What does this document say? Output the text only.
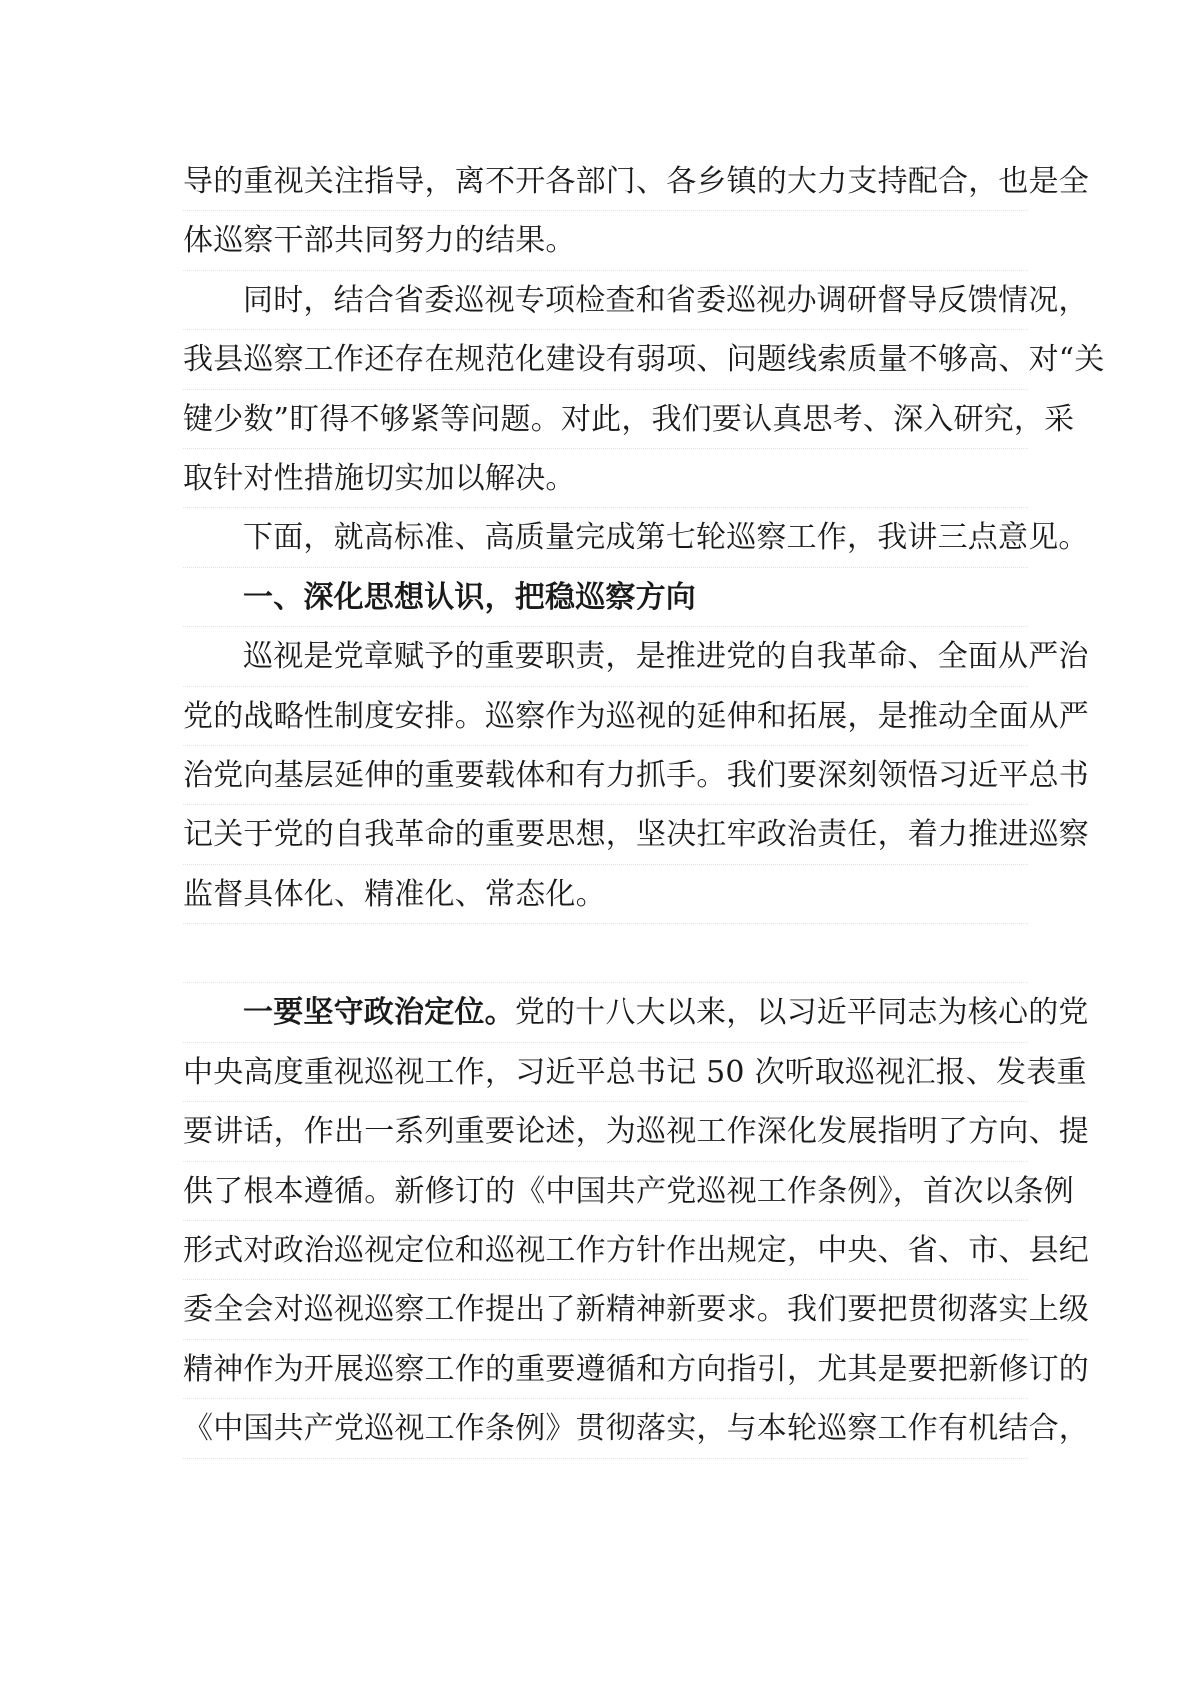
导的重视关注指导，离不开各部门、各乡镇的大力支持配合，也是全
体巡察干部共同努力的结果。
同时，结合省委巡视专项检查和省委巡视办调研督导反馈情况，
我县巡察工作还存在规范化建设有弱项、问题线索质量不够高、对“关
键少数”盯得不够紧等问题。对此，我们要认真思考、深入研究，采
取针对性措施切实加以解决。
下面，就高标准、高质量完成第七轮巡察工作，我讲三点意见。
一、深化思想认识，把稳巡察方向
巡视是党章赋予的重要职责，是推进党的自我革命、全面从严治
党的战略性制度安排。巡察作为巡视的延伸和拓展，是推动全面从严
治党向基层延伸的重要载体和有力抓手。我们要深刻领悟习近平总书
记关于党的自我革命的重要思想，坚决扛牢政治责任，着力推进巡察
监督具体化、精准化、常态化。
一要坚守政治定位。党的十八大以来，以习近平同志为核心的党
中央高度重视巡视工作，习近平总书记 50 次听取巡视汇报、发表重
要讲话，作出一系列重要论述，为巡视工作深化发展指明了方向、提
供了根本遵循。新修订的《中国共产党巡视工作条例》，首次以条例
形式对政治巡视定位和巡视工作方针作出规定，中央、省、市、县纪
委全会对巡视巡察工作提出了新精神新要求。我们要把贯彻落实上级
精神作为开展巡察工作的重要遵循和方向指引，尤其是要把新修订的
《中国共产党巡视工作条例》贯彻落实，与本轮巡察工作有机结合，
